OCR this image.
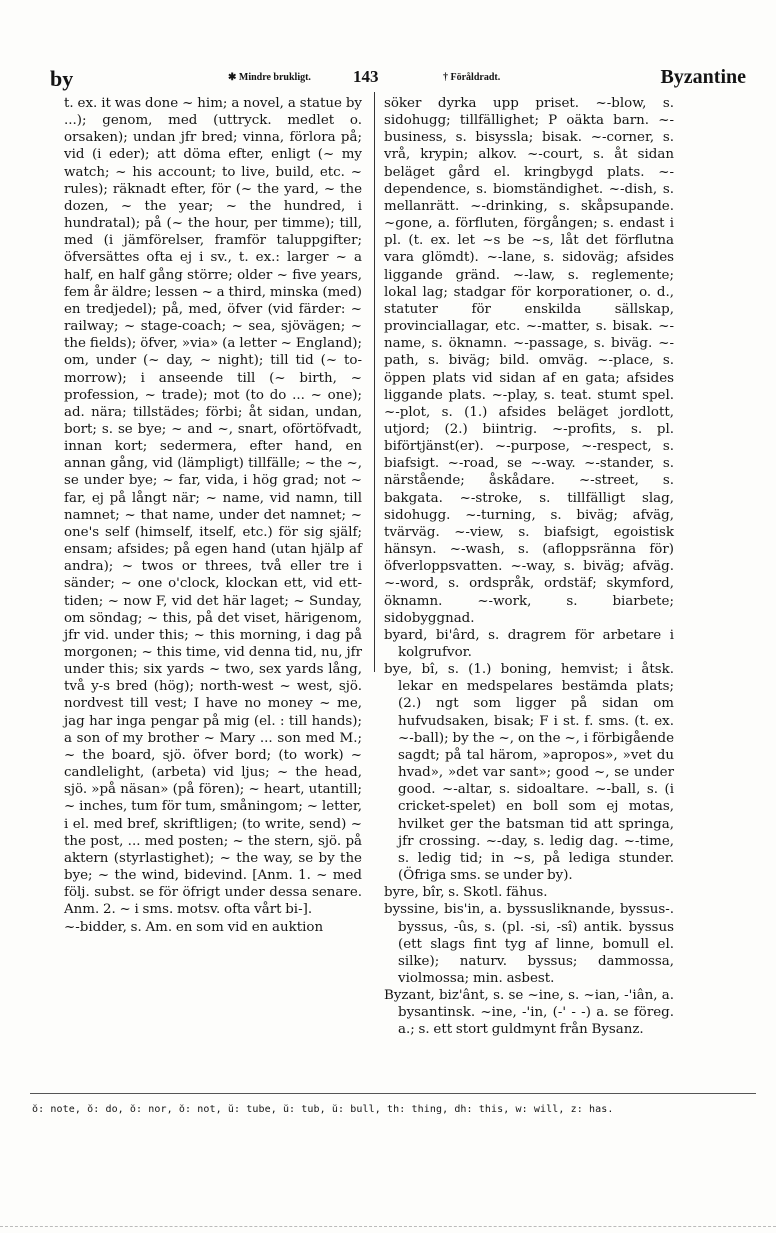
by	✱ Mindre brukligt. 143	† Föråldradt.	Byzantine

t. ex. it was done ~ him; a novel, a statue by ...); genom, med (uttryck. medlet o. orsaken); undan jfr bred; vinna, förlora på; vid (i eder); att döma efter, enligt (~ my watch; ~ his account; to live, build, etc. ~ rules); räknadt efter, för (~ the yard, ~ the dozen, ~ the year; ~ the hundred, i hundratal); på (~ the hour, per timme); till, med (i jämförelser, framför taluppgifter; öfversättes ofta ej i sv., t. ex.: larger ~ a half, en half gång större; older ~ five years, fem år äldre; lessen ~ a third, minska (med) en tredjedel); på, med, öfver (vid färder: ~ railway; ~ stage-coach; ~ sea, sjövägen; ~ the fields); öfver, »via» (a letter ~ England); om, under (~ day, ~ night); till tid (~ to-morrow); i anseende till (~ birth, ~ profession, ~ trade); mot (to do ... ~ one); ad. nära; tillstädes; förbi; åt sidan, undan, bort; s. se bye; ~ and ~, snart, oförtöfvadt, innan kort; sedermera, efter hand, en annan gång, vid (lämpligt) tillfälle; ~ the ~, se under bye; ~ far, vida, i hög grad; not ~ far, ej på långt när; ~ name, vid namn, till namnet; ~ that name, under det namnet; ~ one's self (himself, itself, etc.) för sig själf; ensam; afsides; på egen hand (utan hjälp af andra); ~ twos or threes, två eller tre i sänder; ~ one o'clock, klockan ett, vid ett-tiden; ~ now F, vid det här laget; ~ Sunday, om söndag; ~ this, på det viset, härigenom, jfr vid. under this; ~ this morning, i dag på morgonen; ~ this time, vid denna tid, nu, jfr under this; six yards ~ two, sex yards lång, två y-s bred (hög); north-west ~ west, sjö. nordvest till vest; I have no money ~ me, jag har inga pengar på mig (el. : till hands); a son of my brother ~ Mary ... son med M.; ~ the board, sjö. öfver bord; (to work) ~ candlelight, (arbeta) vid ljus; ~ the head, sjö. »på näsan» (på fören); ~ heart, utantill; ~ inches, tum för tum, småningom; ~ letter, i el. med bref, skriftligen; (to write, send) ~ the post, ... med posten; ~ the stern, sjö. på aktern (styrlastighet); ~ the way, se by the bye; ~ the wind, bidevind. [Anm. 1. ~ med följ. subst. se för öfrigt under dessa senare. Anm. 2. ~ i sms. motsv. ofta vårt bi-].

~-bidder, s. Am. en som vid en auktion

söker dyrka upp priset. ~-blow, s. sidohugg; tillfällighet; P oäkta barn. ~-business, s. bisyssla; bisak. ~-corner, s. vrå, krypin; alkov. ~-court, s. åt sidan beläget gård el. kringbygd plats. ~-dependence, s. biomständighet. ~-dish, s. mellanrätt. ~-drinking, s. skåpsupande. ~gone, a. förfluten, förgången; s. endast i pl. (t. ex. let ~s be ~s, låt det förflutna vara glömdt). ~-lane, s. sidoväg; afsides liggande gränd. ~-law, s. reglemente; lokal lag; stadgar för korporationer, o. d., statuter för enskilda sällskap, provinciallagar, etc. ~-matter, s. bisak. ~-name, s. öknamn. ~-passage, s. biväg. ~-path, s. biväg; bild. omväg. ~-place, s. öppen plats vid sidan af en gata; afsides liggande plats. ~-play, s. teat. stumt spel. ~-plot, s. (1.) afsides beläget jordlott, utjord; (2.) biintrig. ~-profits, s. pl. biförtjänst(er). ~-purpose, ~-respect, s. biafsigt. ~-road, se ~-way. ~-stander, s. närstående; åskådare. ~-street, s. bakgata. ~-stroke, s. tillfälligt slag, sidohugg. ~-turning, s. biväg; afväg, tvärväg. ~-view, s. biafsigt, egoistisk hänsyn. ~-wash, s. (afloppsränna för) öfverloppsvatten. ~-way, s. biväg; afväg. ~-word, s. ordspråk, ordstäf; skymford, öknamn. ~-work, s. biarbete; sidobyggnad.

byard, bi'ârd, s. dragrem för arbetare i kolgrufvor.

bye, bî, s. (1.) boning, hemvist; i åtsk. lekar en medspelares bestämda plats; (2.) ngt som ligger på sidan om hufvudsaken, bisak; F i st. f. sms. (t. ex. ~-ball); by the ~, on the ~, i förbigående sagdt; på tal härom, »apropos», »vet du hvad», »det var sant»; good ~, se under good. ~-altar, s. sidoaltare. ~-ball, s. (i cricket-spelet) en boll som ej motas, hvilket ger the batsman tid att springa, jfr crossing. ~-day, s. ledig dag. ~-time, s. ledig tid; in ~s, på lediga stunder. (Öfriga sms. se under by).

byre, bîr, s. Skotl. fähus.

byssine, bis'in, a. byssusliknande, byssus-. byssus, -ûs, s. (pl. -si, -sî) antik. byssus (ett slags fint tyg af linne, bomull el. silke); naturv. byssus; dammossa, violmossa; min. asbest.

Byzant, biz'ânt, s. se ~ine, s. ~ian, -'iân, a. bysantinsk. ~ine, -'in, (-' - -) a. se föreg. a.; s. ett stort guldmynt från Bysanz.

ŏ: note, ŏ: do, ŏ: nor, ŏ: not, ŭ: tube, ŭ: tub, ŭ: bull, th: thing, dh: this, w: will, z: has.
